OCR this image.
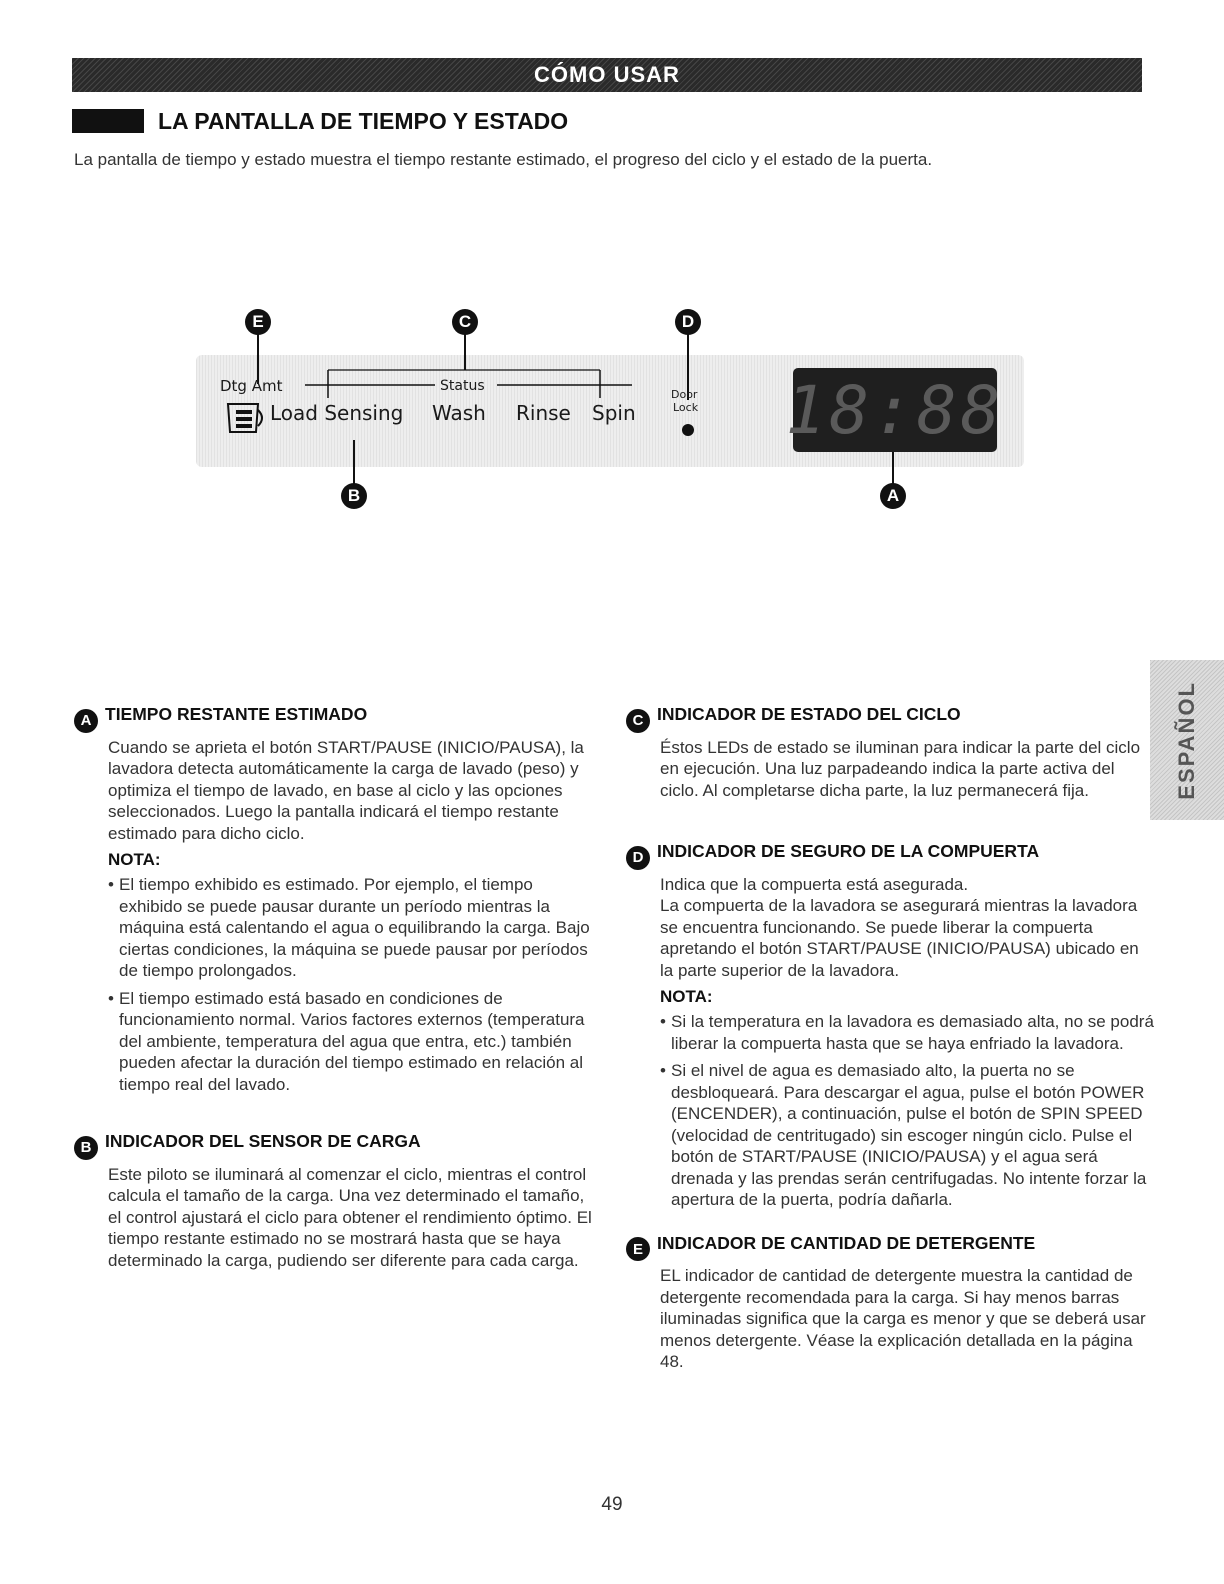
CÓMO USAR
LA PANTALLA DE TIEMPO Y ESTADO
La pantalla de tiempo y estado muestra el tiempo restante estimado, el progreso del ciclo y el estado de la puerta.
Dtg Amt	Status
Load Sensing Wash Rinse Spin
Door
Lock 18:88
E	C	D
B	A
A TIEMPO RESTANTE ESTIMADO
Cuando se aprieta el botón START/PAUSE (INICIO/PAUSA), la lavadora detecta automáticamente la carga de lavado (peso) y optimiza el tiempo de lavado, en base al ciclo y las opciones seleccionados. Luego la pantalla indicará el tiempo restante estimado para dicho ciclo.
NOTA:
• El tiempo exhibido es estimado. Por ejemplo, el tiempo exhibido se puede pausar durante un período mientras la máquina está calentando el agua o equilibrando la carga. Bajo ciertas condiciones, la máquina se puede pausar por períodos de tiempo prolongados.
• El tiempo estimado está basado en condiciones de funcionamiento normal. Varios factores externos (temperatura del ambiente, temperatura del agua que entra, etc.) también pueden afectar la duración del tiempo estimado en relación al tiempo real del lavado.
B INDICADOR DEL SENSOR DE CARGA
Este piloto se iluminará al comenzar el ciclo, mientras el control calcula el tamaño de la carga. Una vez determinado el tamaño, el control ajustará el ciclo para obtener el rendimiento óptimo. El tiempo restante estimado no se mostrará hasta que se haya determinado la carga, pudiendo ser diferente para cada carga.
C INDICADOR DE ESTADO DEL CICLO
Éstos LEDs de estado se iluminan para indicar la parte del ciclo en ejecución. Una luz parpadeando indica la parte activa del ciclo. Al completarse dicha parte, la luz permanecerá fija.
D INDICADOR DE SEGURO DE LA COMPUERTA
Indica que la compuerta está asegurada.
La compuerta de la lavadora se asegurará mientras la lavadora se encuentra funcionando. Se puede liberar la compuerta apretando el botón START/PAUSE (INICIO/PAUSA) ubicado en la parte superior de la lavadora.
NOTA:
• Si la temperatura en la lavadora es demasiado alta, no se podrá liberar la compuerta hasta que se haya enfriado la lavadora.
• Si el nivel de agua es demasiado alto, la puerta no se desbloqueará. Para descargar el agua, pulse el botón POWER (ENCENDER), a continuación, pulse el botón de SPIN SPEED (velocidad de centritugado) sin escoger ningún ciclo. Pulse el botón de START/PAUSE (INICIO/PAUSA) y el agua será drenada y las prendas serán centrifugadas. No intente forzar la apertura de la puerta, podría dañarla.
E INDICADOR DE CANTIDAD DE DETERGENTE
EL indicador de cantidad de detergente muestra la cantidad de detergente recomendada para la carga. Si hay menos barras iluminadas significa que la carga es menor y que se deberá usar menos detergente. Véase la explicación detallada en la página 48.
ESPAÑOL
49
